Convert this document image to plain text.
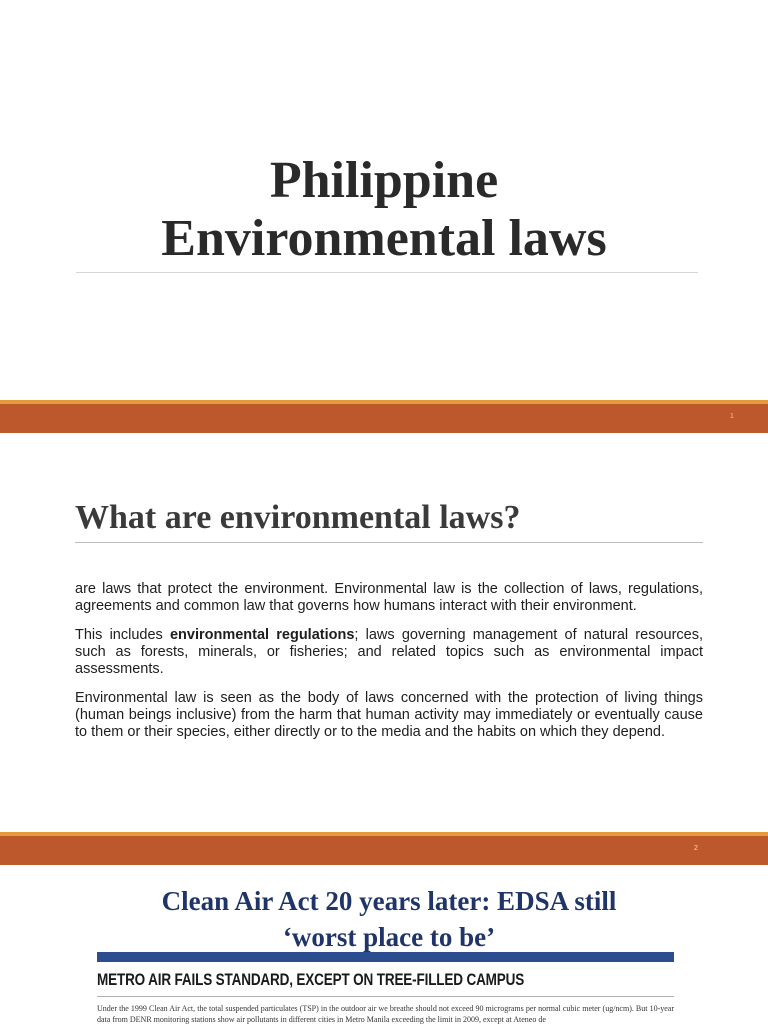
Philippine
Environmental laws
1
What are environmental laws?

are laws that protect the environment. Environmental law is the collection of laws, regulations, agreements and common law that governs how humans interact with their environment.

This includes environmental regulations; laws governing management of natural resources, such as forests, minerals, or fisheries; and related topics such as environmental impact assessments.

Environmental law is seen as the body of laws concerned with the protection of living things (human beings inclusive) from the harm that human activity may immediately or eventually cause to them or their species, either directly or to the media and the habits on which they depend.

2
Clean Air Act 20 years later: EDSA still
‘worst place to be’
METRO AIR FAILS STANDARD, EXCEPT ON TREE-FILLED CAMPUS

Under the 1999 Clean Air Act, the total suspended particulates (TSP) in the outdoor air we breathe should not exceed 90 micrograms per normal cubic meter (ug/ncm). But 10-year data from DENR monitoring stations show air pollutants in different cities in Metro Manila exceeding the limit in 2009, except at Ateneo de
